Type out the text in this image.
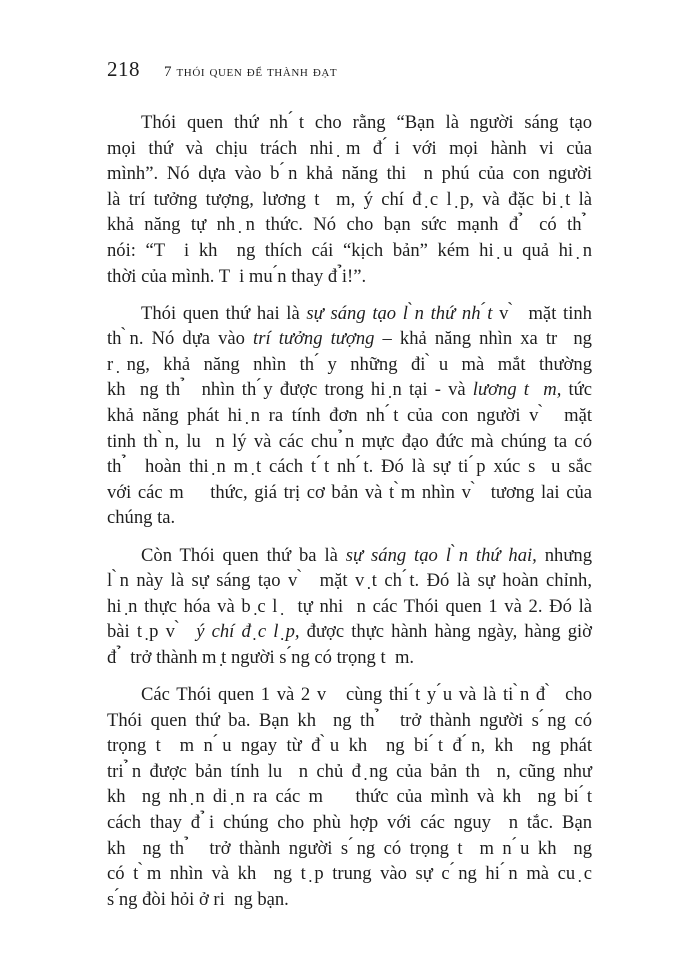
218 7 thói quen để thành đạt
Thói quen thứ nh ́t cho rằng “Bạn là người sáng tạo
mọi thứ và chịu trách nhi ̣m đ ́i với mọi hành vi của
mình”. Nó dựa vào b ́n khả năng thi  n phú của con người
là trí tưởng tượng, lương t  m, ý chí đ ̣c l ̣p, và đặc bi ̣t là
khả năng tự nh ̣n thức. Nó cho bạn sức mạnh đ ̉ có th ̉
nói: “T  i kh  ng thích cái “kịch bản” kém hi ̣u quả hi ̣n
thời của mình. T  i mu ́n thay đ ̉i!”.
Thói quen thứ hai là sự sáng tạo l ̀n thứ nh ́t v ̀  mặt tinh
th ̀n. Nó dựa vào trí tưởng tượng – khả năng nhìn xa tr  ng
r ̣ng, khả năng nhìn th ́y những đi ̀u mà mắt thường
kh  ng th ̉  nhìn th ́y được trong hi ̣n tại - và lương t  m, tức
khả năng phát hi ̣n ra tính đơn nh ́t của con người v ̀  mặt
tinh th ̀n, lu  n lý và các chu ̉n mực đạo đức mà chúng ta có
th ̉  hoàn thi ̣n m ̣t cách t ́t nh ́t. Đó là sự ti ́p xúc s  u sắc
với các m    thức, giá trị cơ bản và t ̀m nhìn v ̀  tương lai của
chúng ta.
Còn Thói quen thứ ba là sự sáng tạo l ̀n thứ hai, nhưng
l ̀n này là sự sáng tạo v ̀  mặt v ̣t ch ́t. Đó là sự hoàn chỉnh,
hi ̣n thực hóa và b ̣c l ̣  tự nhi  n các Thói quen 1 và 2. Đó là
bài t ̣p v ̀  ý chí đ ̣c l ̣p, được thực hành hàng ngày, hàng giờ
đ ̉  trở thành m ̣t người s ́ng có trọng t  m.
Các Thói quen 1 và 2 v   cùng thi ́t y ́u và là ti ̀n đ ̀  cho
Thói quen thứ ba. Bạn kh  ng th ̉  trở thành người s ́ng có
trọng t  m n ́u ngay từ đ ̀u kh  ng bi ́t đ ́n, kh  ng phát
tri ̉n được bản tính lu  n chủ đ ̣ng của bản th  n, cũng như
kh  ng nh ̣n di ̣n ra các m    thức của mình và kh  ng bi ́t
cách thay đ ̉i chúng cho phù hợp với các nguy  n tắc. Bạn
kh  ng th ̉  trở thành người s ́ng có trọng t  m n ́u kh  ng
có t ̀m nhìn và kh  ng t ̣p trung vào sự c ́ng hi ́n mà cu ̣c
s ́ng đòi hỏi ở ri  ng bạn.
